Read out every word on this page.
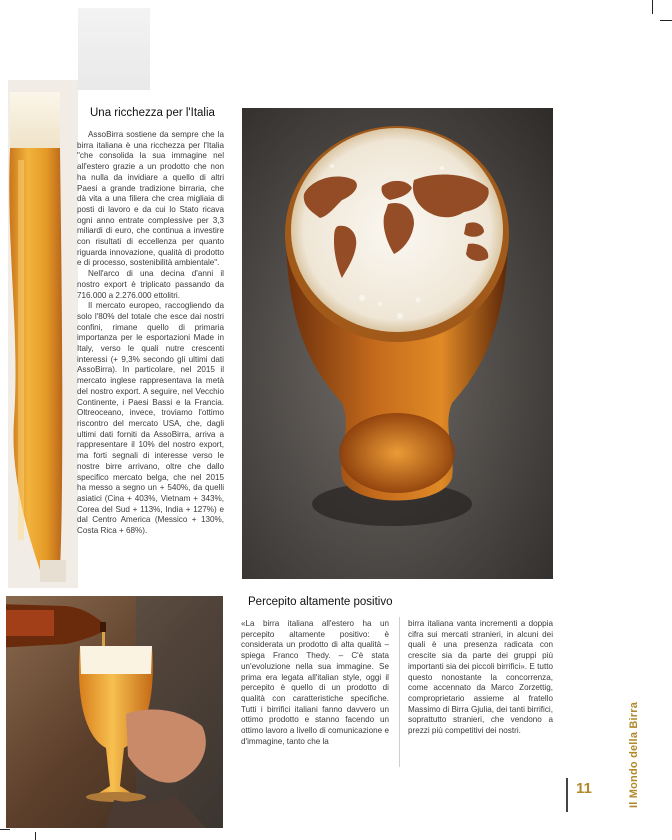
Una ricchezza per l'Italia

AssoBirra sostiene da sempre che la birra italiana è una ricchezza per l'Italia "che consolida la sua immagine nel all'estero grazie a un prodotto che non ha nulla da invidiare a quello di altri Paesi a grande tradizione birraria, che dà vita a una filiera che crea migliaia di posti di lavoro e da cui lo Stato ricava ogni anno entrate complessive per 3,3 miliardi di euro, che continua a investire con risultati di eccellenza per quanto riguarda innovazione, qualità di prodotto e di processo, sostenibilità ambientale".

Nell'arco di una decina d'anni il nostro export è triplicato passando da 716.000 a 2.276.000 ettolitri.

Il mercato europeo, raccogliendo da solo l'80% del totale che esce dai nostri confini, rimane quello di primaria importanza per le esportazioni Made in Italy, verso le quali nutre crescenti interessi (+ 9,3% secondo gli ultimi dati AssoBirra). In particolare, nel 2015 il mercato inglese rappresentava la metà del nostro export. A seguire, nel Vecchio Continente, i Paesi Bassi e la Francia. Oltreoceano, invece, troviamo l'ottimo riscontro del mercato USA, che, dagli ultimi dati forniti da AssoBirra, arriva a rappresentare il 10% del nostro export, ma forti segnali di interesse verso le nostre birre arrivano, oltre che dallo specifico mercato belga, che nel 2015 ha messo a segno un + 540%, da quelli asiatici (Cina + 403%, Vietnam + 343%, Corea del Sud + 113%, India + 127%) e dal Centro America (Messico + 130%, Costa Rica + 68%).

Percepito altamente positivo
«La birra italiana all'estero ha un percepito altamente positivo: è considerata un prodotto di alta qualità – spiega Franco Thedy. – C'è stata un'evoluzione nella sua immagine. Se prima era legata all'italian style, oggi il percepito è quello di un prodotto di qualità con caratteristiche specifiche. Tutti i birrifici italiani fanno davvero un ottimo prodotto e stanno facendo un ottimo lavoro a livello di comunicazione e d'immagine, tanto che la
birra italiana vanta incrementi a doppia cifra sui mercati stranieri, in alcuni dei quali è una presenza radicata con crescite sia da parte dei gruppi più importanti sia dei piccoli birrifici». E tutto questo nonostante la concorrenza, come accennato da Marco Zorzettig, comproprietario assieme al fratello Massimo di Birra Gjulia, dei tanti birrifici, soprattutto stranieri, che vendono a prezzi più competitivi dei nostri.
11	Il Mondo della Birra
